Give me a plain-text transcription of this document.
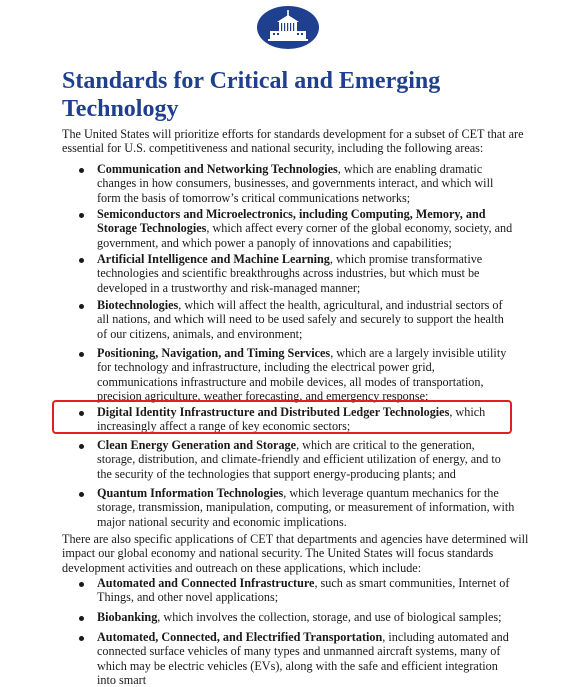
Standards for Critical and Emerging Technology

The United States will prioritize efforts for standards development for a subset of CET that are essential for U.S. competitiveness and national security, including the following areas:

Communication and Networking Technologies, which are enabling dramatic changes in how consumers, businesses, and governments interact, and which will form the basis of tomorrow’s critical communications networks;
Semiconductors and Microelectronics, including Computing, Memory, and Storage Technologies, which affect every corner of the global economy, society, and government, and which power a panoply of innovations and capabilities;
Artificial Intelligence and Machine Learning, which promise transformative technologies and scientific breakthroughs across industries, but which must be developed in a trustworthy and risk-managed manner;
Biotechnologies, which will affect the health, agricultural, and industrial sectors of all nations, and which will need to be used safely and securely to support the health of our citizens, animals, and environment;
Positioning, Navigation, and Timing Services, which are a largely invisible utility for technology and infrastructure, including the electrical power grid, communications infrastructure and mobile devices, all modes of transportation, precision agriculture, weather forecasting, and emergency response;
Digital Identity Infrastructure and Distributed Ledger Technologies, which increasingly affect a range of key economic sectors;
Clean Energy Generation and Storage, which are critical to the generation, storage, distribution, and climate-friendly and efficient utilization of energy, and to the security of the technologies that support energy-producing plants; and
Quantum Information Technologies, which leverage quantum mechanics for the storage, transmission, manipulation, computing, or measurement of information, with major national security and economic implications.

There are also specific applications of CET that departments and agencies have determined will impact our global economy and national security. The United States will focus standards development activities and outreach on these applications, which include:

Automated and Connected Infrastructure, such as smart communities, Internet of Things, and other novel applications;
Biobanking, which involves the collection, storage, and use of biological samples;
Automated, Connected, and Electrified Transportation, including automated and connected surface vehicles of many types and unmanned aircraft systems, many of which may be electric vehicles (EVs), along with the safe and efficient integration into smart
